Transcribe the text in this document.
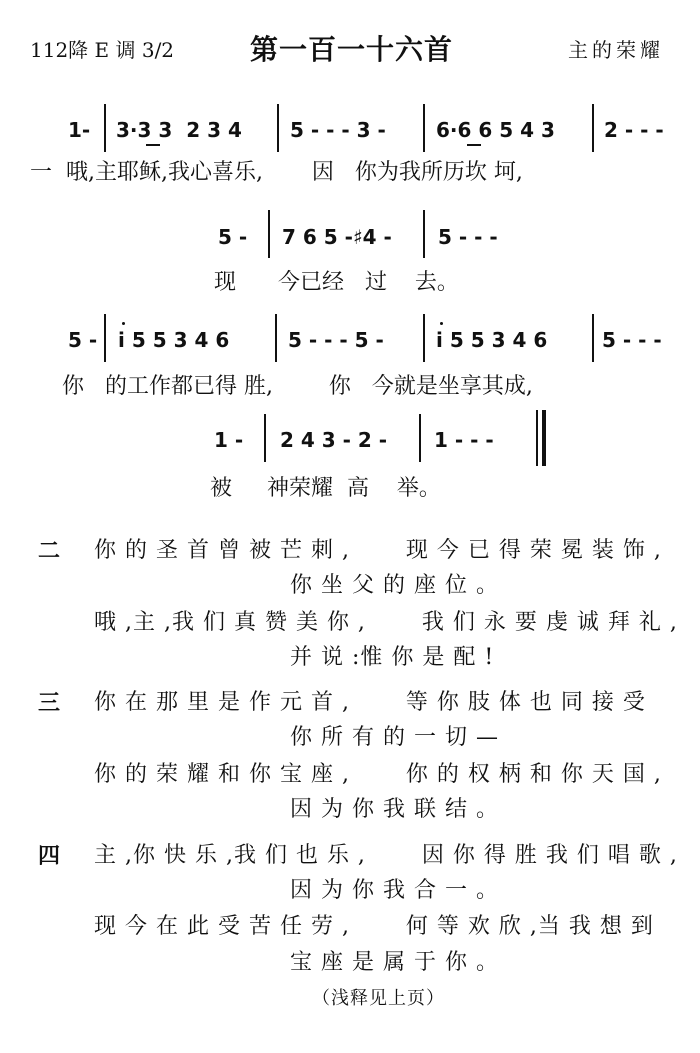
112降 E 调 3/2	第一百一十六首	主的荣耀
1- 3·3 3  2 3 4 5 - - - 3 -	6·6 6 5 4 3 2 - - -
一  哦,主耶稣,我心喜乐,       因   你为我所历坎 坷,
5 - 7 6 5 -♯4 - 5 - - -
现      今已经   过    去。
5 - i 5 5 3 4 6	5 - - - 5 -	i 5 5 3 4 6	5 - - -
你   的工作都已得 胜,        你   今就是坐享其成,
1 - 2 4 3 - 2 - 1 - - -
被     神荣耀  高    举。
二 你 的 圣 首 曾 被 芒 刺 ,       现 今 已 得 荣 冕 装 饰 ,
你 坐 父 的 座 位 。
哦 ,主 ,我 们 真 赞 美 你 ,       我 们 永 要 虔 诚 拜 礼 ,
并 说 :惟 你 是 配 !
三 你 在 那 里 是 作 元 首 ,       等 你 肢 体 也 同 接 受
你 所 有 的 一 切 —
你 的 荣 耀 和 你 宝 座 ,       你 的 权 柄 和 你 天 国 ,
因 为 你 我 联 结 。
四 主 ,你 快 乐 ,我 们 也 乐 ,       因 你 得 胜 我 们 唱 歌 ,
因 为 你 我 合 一 。
现 今 在 此 受 苦 任 劳 ,       何 等 欢 欣 ,当 我 想 到
宝 座 是 属 于 你 。
（浅释见上页）
